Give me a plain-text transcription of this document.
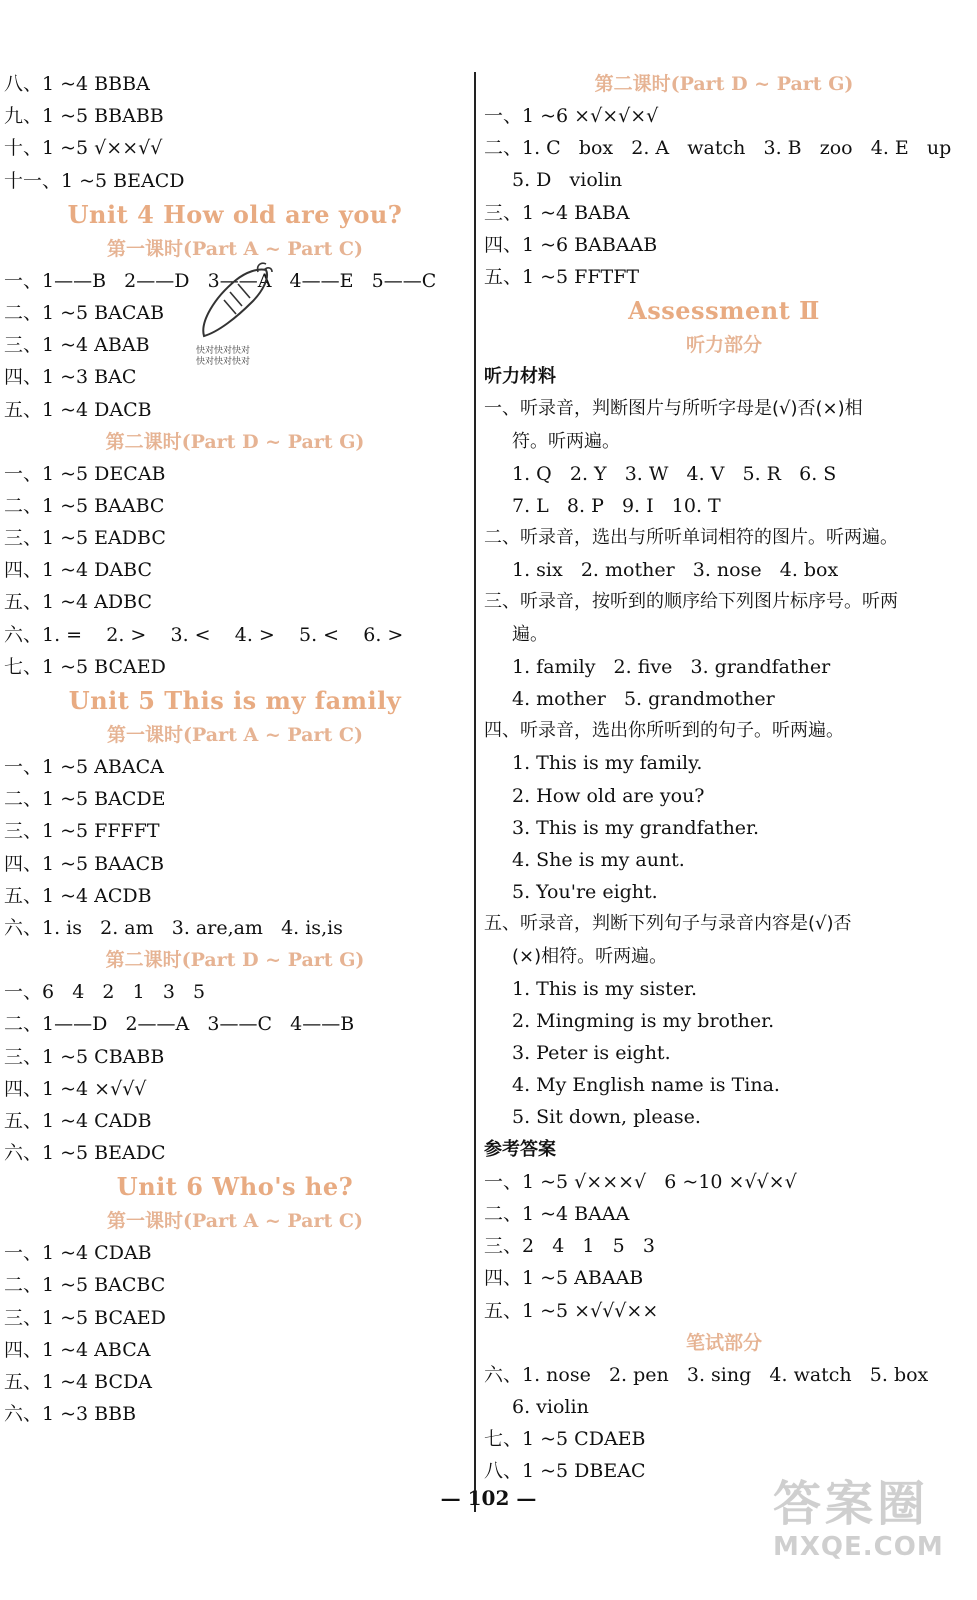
八、1 ~4 BBBA
九、1 ~5 BBABB
十、1 ~5 √××√√
十一、1 ~5 BEACD
Unit 4 How old are you?
第一课时(Part A ~ Part C)
一、1——B   2——D   3——A   4——E   5——C
二、1 ~5 BACAB
三、1 ~4 ABAB
四、1 ~3 BAC
五、1 ~4 DACB
第二课时(Part D ~ Part G)
一、1 ~5 DECAB
二、1 ~5 BAABC
三、1 ~5 EADBC
四、1 ~4 DABC
五、1 ~4 ADBC
六、1. =    2. >    3. <    4. >    5. <    6. >
七、1 ~5 BCAED
Unit 5 This is my family
第一课时(Part A ~ Part C)
一、1 ~5 ABACA
二、1 ~5 BACDE
三、1 ~5 FFFFT
四、1 ~5 BAACB
五、1 ~4 ACDB
六、1. is   2. am   3. are,am   4. is,is
第二课时(Part D ~ Part G)
一、6   4   2   1   3   5
二、1——D   2——A   3——C   4——B
三、1 ~5 CBABB
四、1 ~4 ×√√√
五、1 ~4 CADB
六、1 ~5 BEADC
Unit 6 Who's he?
第一课时(Part A ~ Part C)
一、1 ~4 CDAB
二、1 ~5 BACBC
三、1 ~5 BCAED
四、1 ~4 ABCA
五、1 ~4 BCDA
六、1 ~3 BBB
第二课时(Part D ~ Part G)
一、1 ~6 ×√×√×√
二、1. C   box   2. A   watch   3. B   zoo   4. E   up
5. D   violin
三、1 ~4 BABA
四、1 ~6 BABAAB
五、1 ~5 FFTFT
Assessment Ⅱ
听力部分
听力材料
一、听录音，判断图片与所听字母是(√)否(×)相
符。听两遍。
1. Q   2. Y   3. W   4. V   5. R   6. S
7. L   8. P   9. I   10. T
二、听录音，选出与所听单词相符的图片。听两遍。
1. six   2. mother   3. nose   4. box
三、听录音，按听到的顺序给下列图片标序号。听两
遍。
1. family   2. five   3. grandfather
4. mother   5. grandmother
四、听录音，选出你所听到的句子。听两遍。
1. This is my family.
2. How old are you?
3. This is my grandfather.
4. She is my aunt.
5. You're eight.
五、听录音，判断下列句子与录音内容是(√)否
(×)相符。听两遍。
1. This is my sister.
2. Mingming is my brother.
3. Peter is eight.
4. My English name is Tina.
5. Sit down, please.
参考答案
一、1 ~5 √×××√   6 ~10 ×√√×√
二、1 ~4 BAAA
三、2   4   1   5   3
四、1 ~5 ABAAB
五、1 ~5 ×√√√××
笔试部分
六、1. nose   2. pen   3. sing   4. watch   5. box
6. violin
七、1 ~5 CDAEB
八、1 ~5 DBEAC
快对快对快对
快对快对快对
— 102 —	答案圈
MXQE.COM
